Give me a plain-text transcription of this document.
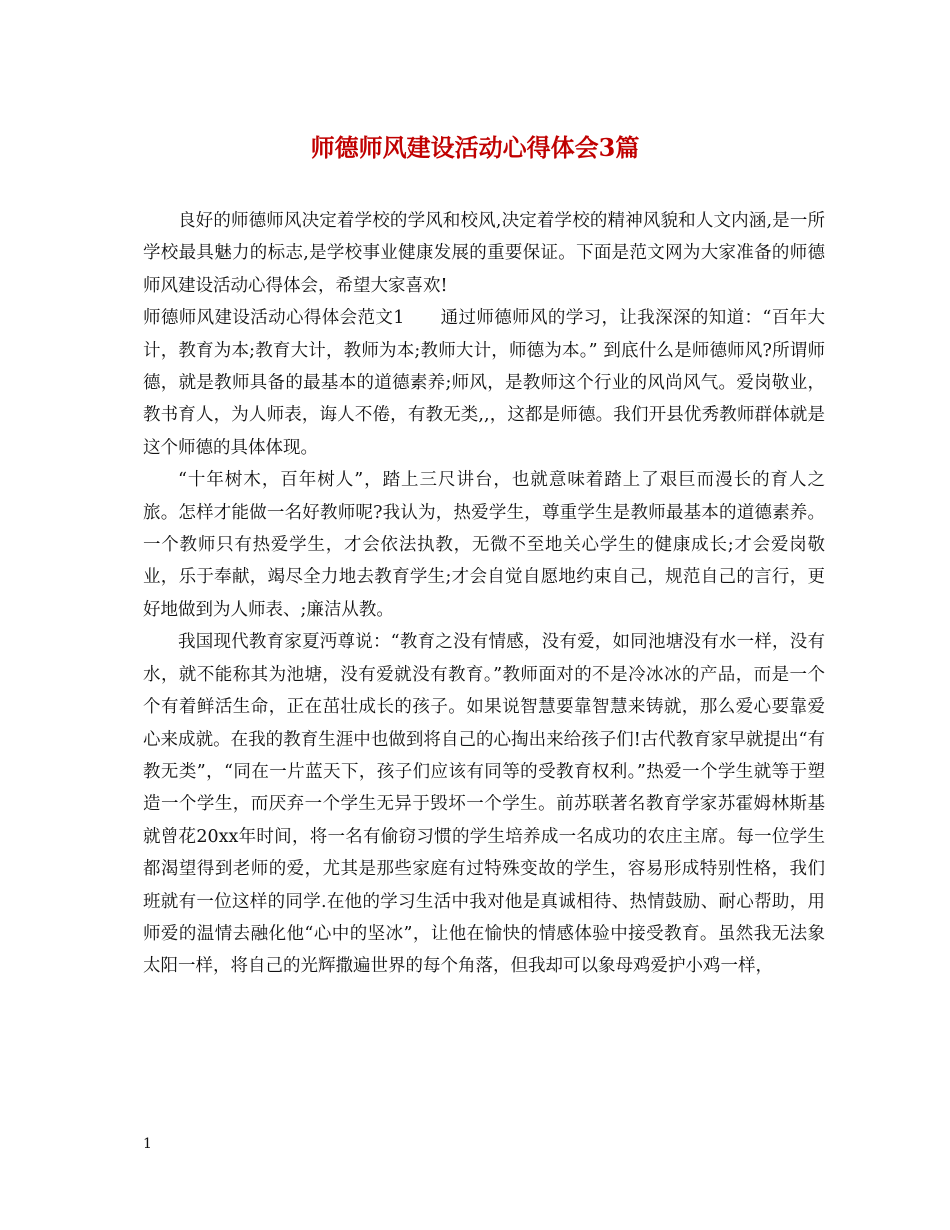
师德师风建设活动心得体会3篇

良好的师德师风决定着学校的学风和校风,决定着学校的精神风貌和人文内涵,是一所学校最具魅力的标志,是学校事业健康发展的重要保证。下面是范文网为大家准备的师德师风建设活动心得体会，希望大家喜欢!

师德师风建设活动心得体会范文1　　通过师德师风的学习，让我深深的知道：“百年大计，教育为本;教育大计，教师为本;教师大计，师德为本。” 到底什么是师德师风?所谓师德，就是教师具备的最基本的道德素养;师风，是教师这个行业的风尚风气。爱岗敬业，教书育人，为人师表，诲人不倦，有教无类,,，这都是师德。我们开县优秀教师群体就是这个师德的具体体现。

“十年树木，百年树人”，踏上三尺讲台，也就意味着踏上了艰巨而漫长的育人之旅。怎样才能做一名好教师呢?我认为，热爱学生，尊重学生是教师最基本的道德素养。一个教师只有热爱学生，才会依法执教，无微不至地关心学生的健康成长;才会爱岗敬业，乐于奉献，竭尽全力地去教育学生;才会自觉自愿地约束自己，规范自己的言行，更好地做到为人师表、;廉洁从教。

我国现代教育家夏沔尊说：“教育之没有情感，没有爱，如同池塘没有水一样，没有水，就不能称其为池塘，没有爱就没有教育。”教师面对的不是冷冰冰的产品，而是一个个有着鲜活生命，正在茁壮成长的孩子。如果说智慧要靠智慧来铸就，那么爱心要靠爱心来成就。在我的教育生涯中也做到将自己的心掏出来给孩子们!古代教育家早就提出“有教无类”，“同在一片蓝天下，孩子们应该有同等的受教育权利。”热爱一个学生就等于塑造一个学生，而厌弃一个学生无异于毁坏一个学生。前苏联著名教育学家苏霍姆林斯基就曾花20xx年时间，将一名有偷窃习惯的学生培养成一名成功的农庄主席。每一位学生都渴望得到老师的爱，尤其是那些家庭有过特殊变故的学生，容易形成特别性格，我们班就有一位这样的同学.在他的学习生活中我对他是真诚相待、热情鼓励、耐心帮助，用师爱的温情去融化他“心中的坚冰”，让他在愉快的情感体验中接受教育。虽然我无法象太阳一样，将自己的光辉撒遍世界的每个角落，但我却可以象母鸡爱护小鸡一样，

1
